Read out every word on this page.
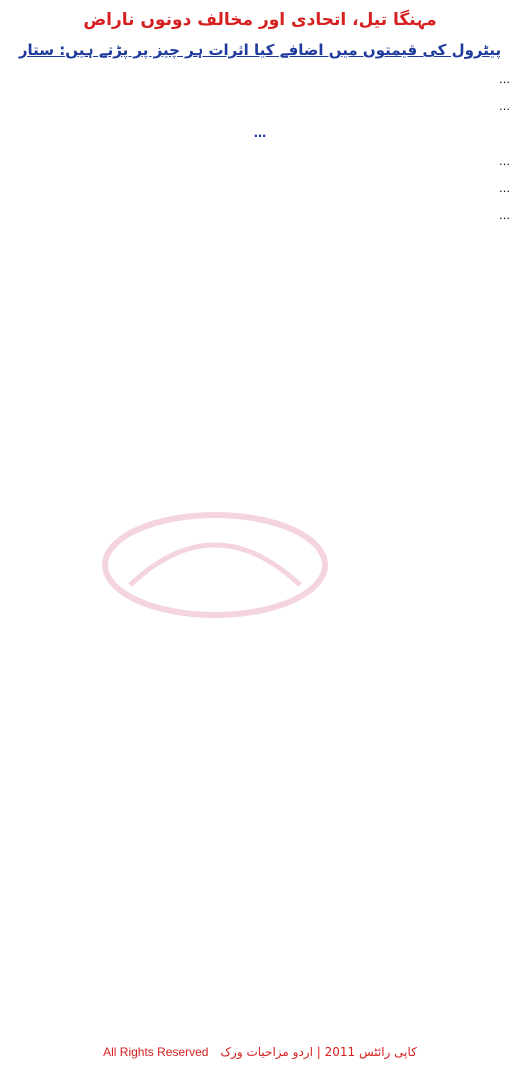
مہنگا تیل، اتحادی اور مخالف دونوں ناراض
پیٹرول کی قیمتوں میں اضافے کیا اثرات ہر چیز پر پڑتے ہیں: ستار

…

…

…

…

…

…

All Rights Reserved کاپی رائٹس 2011 | اردو مزاحیات ورک
